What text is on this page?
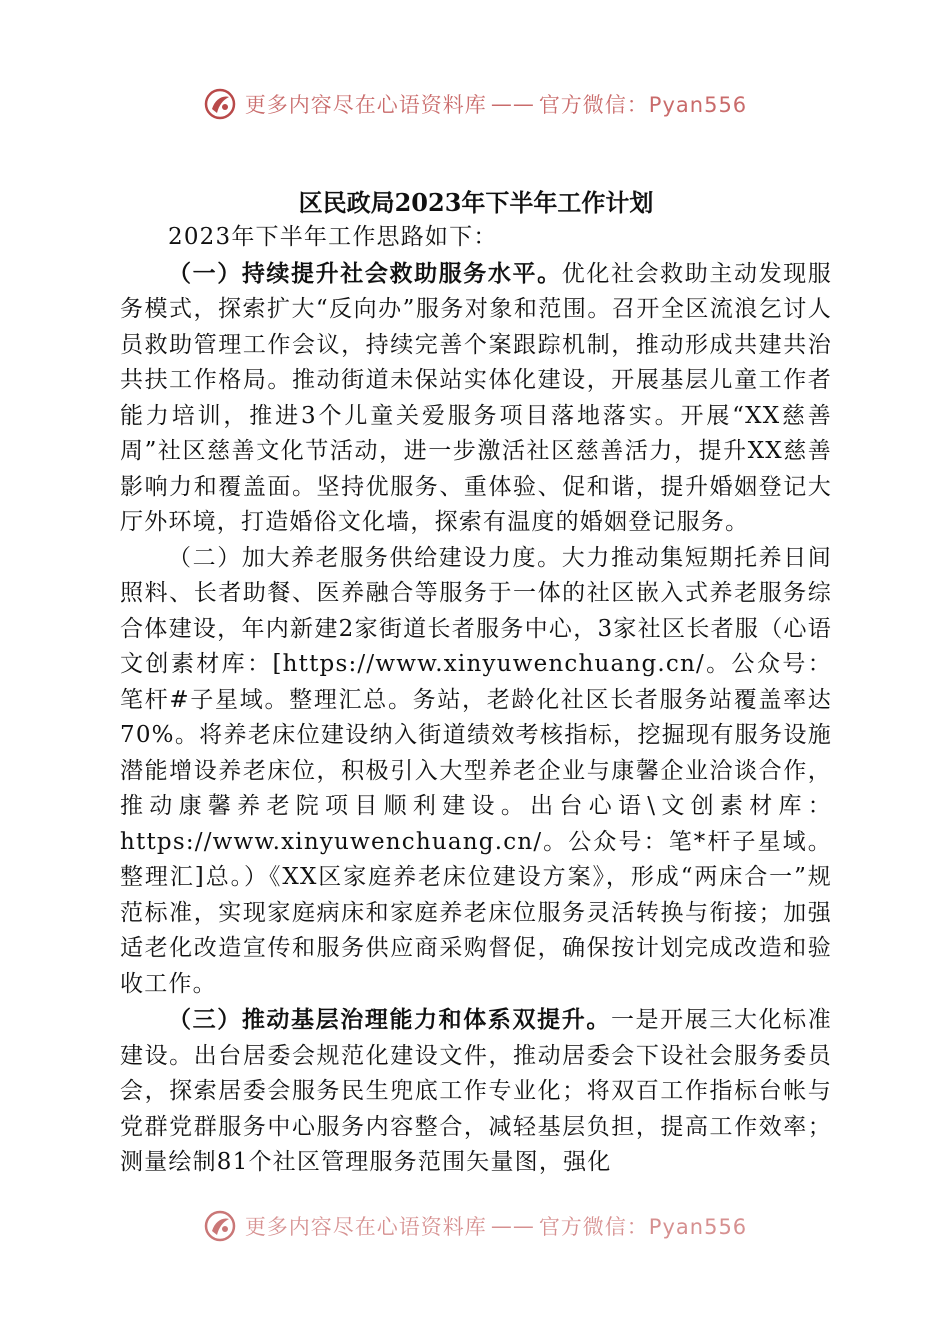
更多内容尽在心语资料库 —— 官方微信：Pyan556
区民政局2023年下半年工作计划

2023年下半年工作思路如下：

（一）持续提升社会救助服务水平。优化社会救助主动发现服务模式，探索扩大“反向办”服务对象和范围。召开全区流浪乞讨人员救助管理工作会议，持续完善个案跟踪机制，推动形成共建共治共扶工作格局。推动街道未保站实体化建设，开展基层儿童工作者能力培训，推进3个儿童关爱服务项目落地落实。开展“XX慈善周”社区慈善文化节活动，进一步激活社区慈善活力，提升XX慈善影响力和覆盖面。坚持优服务、重体验、促和谐，提升婚姻登记大厅外环境，打造婚俗文化墙，探索有温度的婚姻登记服务。

（二）加大养老服务供给建设力度。大力推动集短期托养日间照料、长者助餐、医养融合等服务于一体的社区嵌入式养老服务综合体建设，年内新建2家街道长者服务中心，3家社区长者服（心语文创素材库：[https://www.xinyuwenchuang.cn/。公众号：笔杆#子星域。整理汇总。务站，老龄化社区长者服务站覆盖率达70%。将养老床位建设纳入街道绩效考核指标，挖掘现有服务设施潜能增设养老床位，积极引入大型养老企业与康馨企业洽谈合作，推动康馨养老院项目顺利建设。出台心语\文创素材库：https://www.xinyuwenchuang.cn/。公众号：笔*杆子星域。整理汇]总。）《XX区家庭养老床位建设方案》，形成“两床合一”规范标准，实现家庭病床和家庭养老床位服务灵活转换与衔接；加强适老化改造宣传和服务供应商采购督促，确保按计划完成改造和验收工作。

（三）推动基层治理能力和体系双提升。一是开展三大化标准建设。出台居委会规范化建设文件，推动居委会下设社会服务委员会，探索居委会服务民生兜底工作专业化；将双百工作指标台帐与党群党群服务中心服务内容整合，减轻基层负担，提高工作效率；测量绘制81个社区管理服务范围矢量图，强化

更多内容尽在心语资料库 —— 官方微信：Pyan556
